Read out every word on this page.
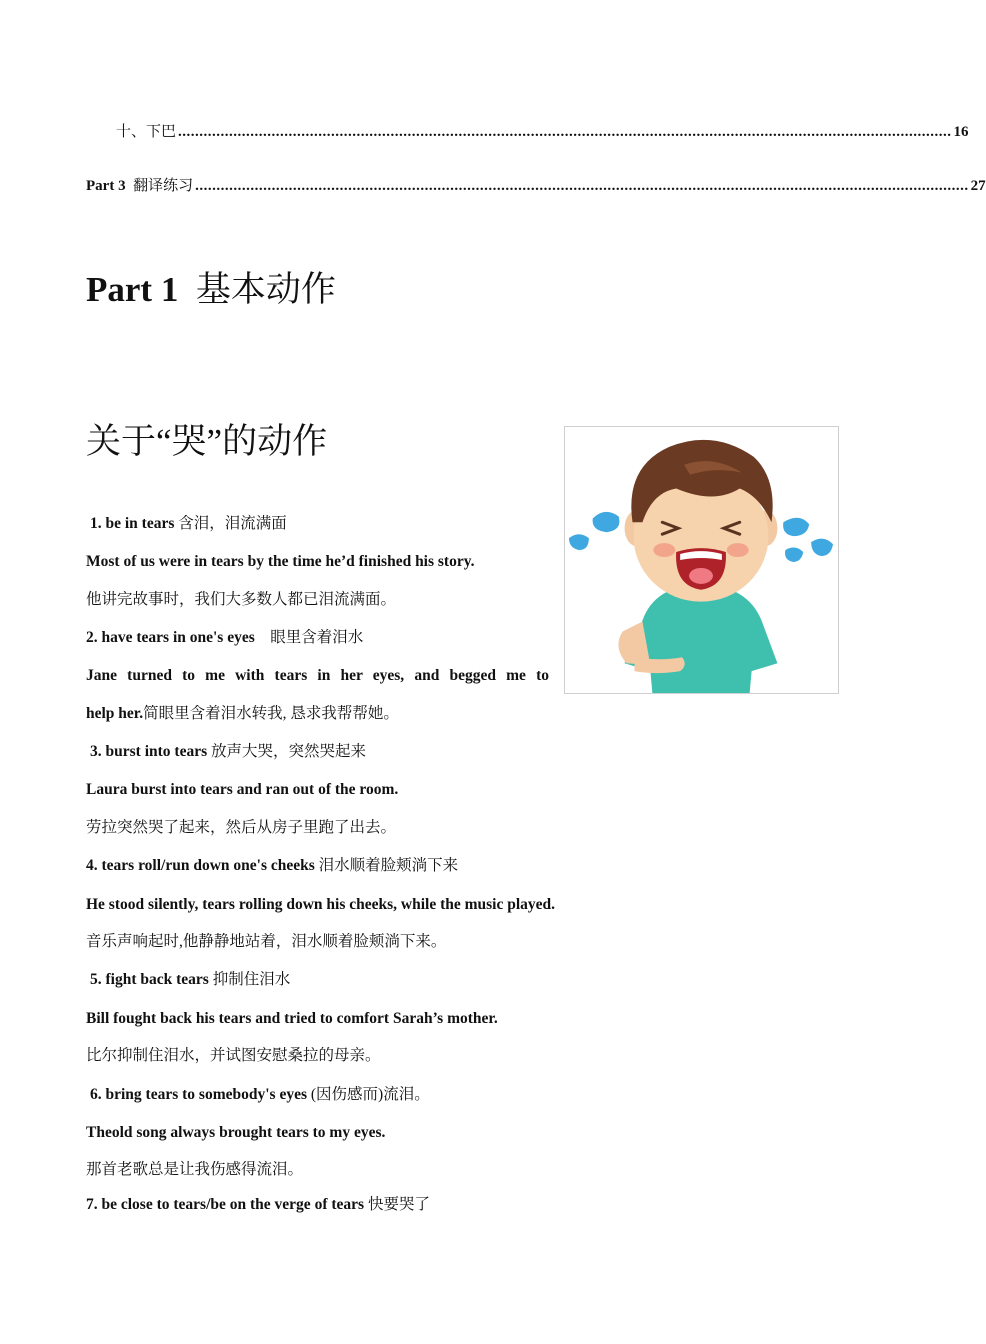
十、下巴 ...................................................................................................................................................................................... 16
Part 3 翻译练习 ...................................................................................................................................................................................... 27
Part 1 基本动作
关于“哭”的动作
1. be in tears 含泪，泪流满面
Most of us were in tears by the time he’d finished his story.
他讲完故事时，我们大多数人都已泪流满面。
2. have tears in one's eyes 眼里含着泪水
Jane turned to me with tears in her eyes, and begged me to
help her.简眼里含着泪水转我, 恳求我帮帮她。
3. burst into tears 放声大哭，突然哭起来
Laura burst into tears and ran out of the room.
劳拉突然哭了起来，然后从房子里跑了出去。
4. tears roll/run down one's cheeks 泪水顺着脸颊淌下来
He stood silently, tears rolling down his cheeks, while the music played.
音乐声响起时,他静静地站着，泪水顺着脸颊淌下来。
5. fight back tears 抑制住泪水
Bill fought back his tears and tried to comfort Sarah’s mother.
比尔抑制住泪水，并试图安慰桑拉的母亲。
6. bring tears to somebody's eyes (因伤感而)流泪。
Theold song always brought tears to my eyes.
那首老歌总是让我伤感得流泪。
7. be close to tears/be on the verge of tears 快要哭了
